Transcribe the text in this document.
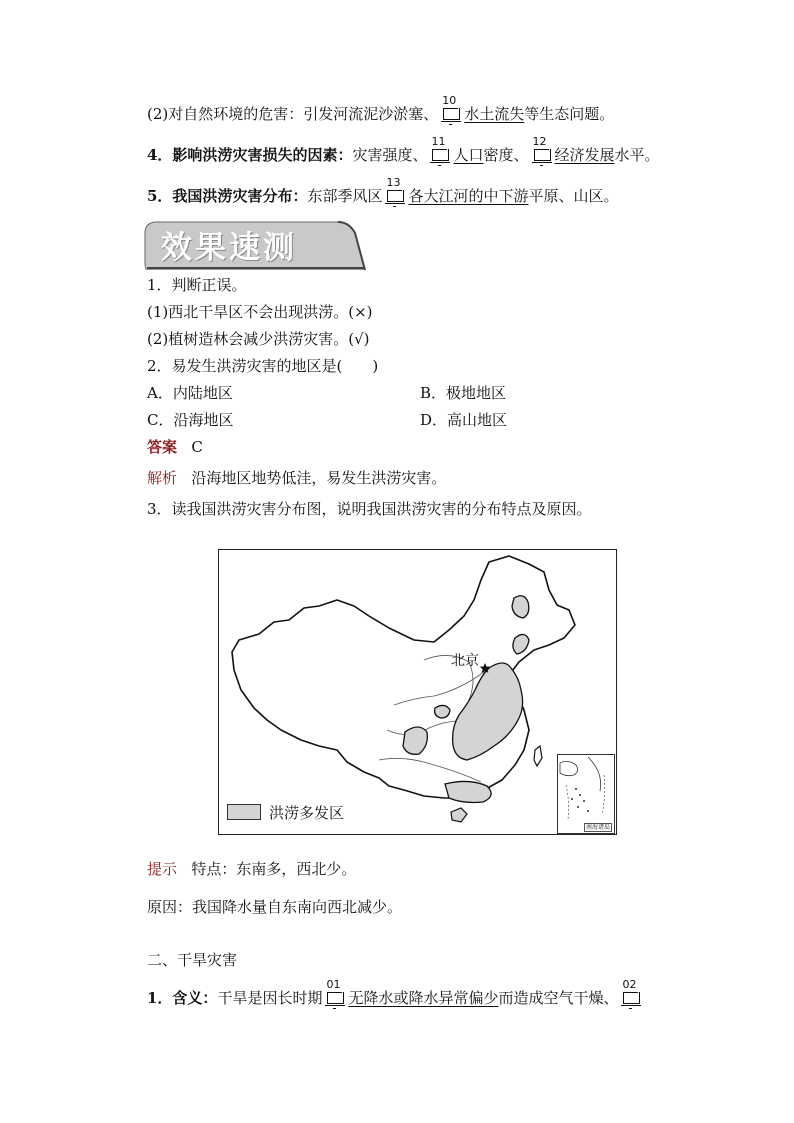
(2)对自然环境的危害：引发河流泥沙淤塞、
10
水土流失等生态问题。
4．影响洪涝灾害损失的因素：灾害强度、
11
人口密度、
12
经济发展水平。
5．我国洪涝灾害分布：东部季风区
13
各大江河的中下游平原、山区。
效果速测
1．判断正误。
(1)西北干旱区不会出现洪涝。(×)
(2)植树造林会减少洪涝灾害。(√)
2．易发生洪涝灾害的地区是(　　)
A．内陆地区	B．极地地区
C．沿海地区	D．高山地区
答案 C
解析 沿海地区地势低洼，易发生洪涝灾害。
3．读我国洪涝灾害分布图，说明我国洪涝灾害的分布特点及原因。
北京
洪涝多发区
南海诸岛
提示 特点：东南多，西北少。
原因：我国降水量自东南向西北减少。
二、干旱灾害
1．含义：干旱是因长时期
01
无降水或降水异常偏少而造成空气干燥、
02
